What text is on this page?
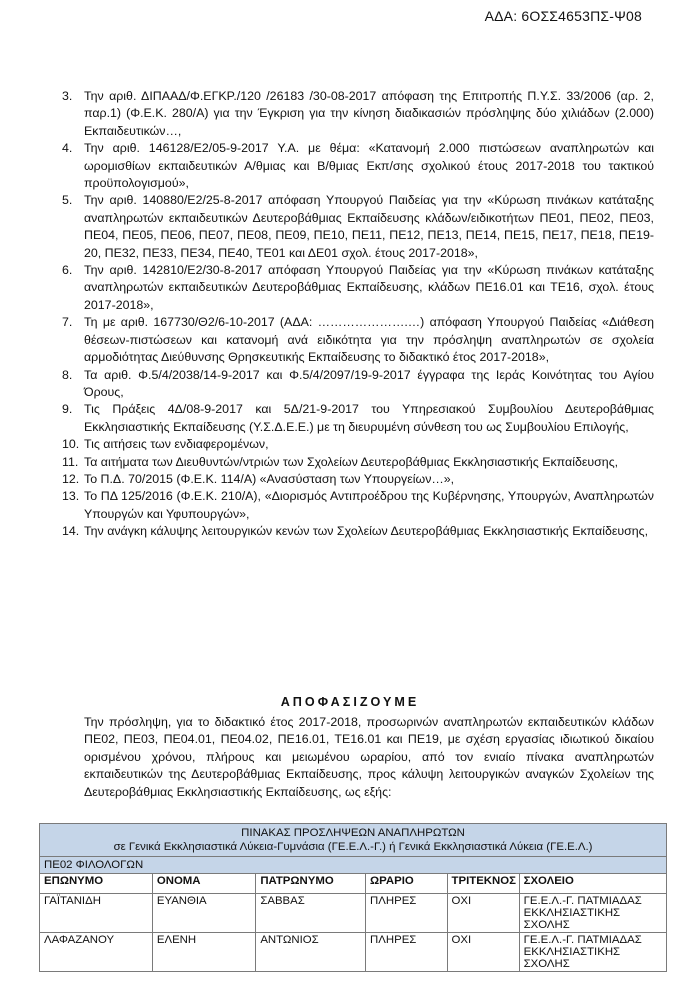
ΑΔΑ: 6ΟΣΣ4653ΠΣ-Ψ08
3. Την αριθ. ΔΙΠΑΑΔ/Φ.ΕΓΚΡ./120 /26183 /30-08-2017 απόφαση της Επιτροπής Π.Υ.Σ. 33/2006 (αρ. 2, παρ.1) (Φ.Ε.Κ. 280/Α) για την Έγκριση για την κίνηση διαδικασιών πρόσληψης δύο χιλιάδων (2.000) Εκπαιδευτικών…,
4. Την αριθ. 146128/Ε2/05-9-2017 Υ.Α. με θέμα: «Κατανομή 2.000 πιστώσεων αναπληρωτών και ωρομισθίων εκπαιδευτικών Α/θμιας και Β/θμιας Εκπ/σης σχολικού έτους 2017-2018 του τακτικού προϋπολογισμού»,
5. Την αριθ. 140880/Ε2/25-8-2017 απόφαση Υπουργού Παιδείας για την «Κύρωση πινάκων κατάταξης αναπληρωτών εκπαιδευτικών Δευτεροβάθμιας Εκπαίδευσης κλάδων/ειδικοτήτων ΠΕ01, ΠΕ02, ΠΕ03, ΠΕ04, ΠΕ05, ΠΕ06, ΠΕ07, ΠΕ08, ΠΕ09, ΠΕ10, ΠΕ11, ΠΕ12, ΠΕ13, ΠΕ14, ΠΕ15, ΠΕ17, ΠΕ18, ΠΕ19-20, ΠΕ32, ΠΕ33, ΠΕ34, ΠΕ40, ΤΕ01 και ΔΕ01 σχολ. έτους 2017-2018»,
6. Την αριθ. 142810/Ε2/30-8-2017 απόφαση Υπουργού Παιδείας για την «Κύρωση πινάκων κατάταξης αναπληρωτών εκπαιδευτικών Δευτεροβάθμιας Εκπαίδευσης, κλάδων ΠΕ16.01 και ΤΕ16, σχολ. έτους 2017-2018»,
7. Τη με αριθ. 167730/Θ2/6-10-2017 (ΑΔΑ: ………………….…) απόφαση Υπουργού Παιδείας «Διάθεση θέσεων-πιστώσεων και κατανομή ανά ειδικότητα για την πρόσληψη αναπληρωτών σε σχολεία αρμοδιότητας Διεύθυνσης Θρησκευτικής Εκπαίδευσης το διδακτικό έτος 2017-2018»,
8. Τα αριθ. Φ.5/4/2038/14-9-2017 και Φ.5/4/2097/19-9-2017 έγγραφα της Ιεράς Κοινότητας του Αγίου Όρους,
9. Τις Πράξεις 4Δ/08-9-2017 και 5Δ/21-9-2017 του Υπηρεσιακού Συμβουλίου Δευτεροβάθμιας Εκκλησιαστικής Εκπαίδευσης (Υ.Σ.Δ.Ε.Ε.) με τη διευρυμένη σύνθεση του ως Συμβουλίου Επιλογής,
10. Τις αιτήσεις των ενδιαφερομένων,
11. Τα αιτήματα των Διευθυντών/ντριών των Σχολείων Δευτεροβάθμιας Εκκλησιαστικής Εκπαίδευσης,
12. Το Π.Δ. 70/2015 (Φ.Ε.Κ. 114/Α) «Ανασύσταση των Υπουργείων…»,
13. Το ΠΔ 125/2016 (Φ.Ε.Κ. 210/Α), «Διορισμός Αντιπροέδρου της Κυβέρνησης, Υπουργών, Αναπληρωτών Υπουργών και Υφυπουργών»,
14. Την ανάγκη κάλυψης λειτουργικών κενών των Σχολείων Δευτεροβάθμιας Εκκλησιαστικής Εκπαίδευσης,
ΑΠΟΦΑΣΙΖΟΥΜΕ
Την πρόσληψη, για το διδακτικό έτος 2017-2018, προσωρινών αναπληρωτών εκπαιδευτικών κλάδων ΠΕ02, ΠΕ03, ΠΕ04.01, ΠΕ04.02, ΠΕ16.01, ΤΕ16.01 και ΠΕ19, με σχέση εργασίας ιδιωτικού δικαίου ορισμένου χρόνου, πλήρους και μειωμένου ωραρίου, από τον ενιαίο πίνακα αναπληρωτών εκπαιδευτικών της Δευτεροβάθμιας Εκπαίδευσης, προς κάλυψη λειτουργικών αναγκών Σχολείων της Δευτεροβάθμιας Εκκλησιαστικής Εκπαίδευσης, ως εξής:
ΠΙΝΑΚΑΣ ΠΡΟΣΛΗΨΕΩΝ ΑΝΑΠΛΗΡΩΤΩΝ
σε Γενικά Εκκλησιαστικά Λύκεια-Γυμνάσια (ΓΕ.Ε.Λ.-Γ.) ή Γενικά Εκκλησιαστικά Λύκεια (ΓΕ.Ε.Λ.)					

ΠΕ02 ΦΙΛΟΛΟΓΩΝ					
ΕΠΩΝΥΜΟ	ΟΝΟΜΑ	ΠΑΤΡΩΝΥΜΟ	ΩΡΑΡΙΟ	ΤΡΙΤΕΚΝΟΣ	ΣΧΟΛΕΙΟ
ΓΑΪΤΑΝΙΔΗ	ΕΥΑΝΘΙΑ	ΣΑΒΒΑΣ	ΠΛΗΡΕΣ	ΟΧΙ	ΓΕ.Ε.Λ.-Γ. ΠΑΤΜΙΑΔΑΣ ΕΚΚΛΗΣΙΑΣΤΙΚΗΣ ΣΧΟΛΗΣ
ΛΑΦΑΖΑΝΟΥ	ΕΛΕΝΗ	ΑΝΤΩΝΙΟΣ	ΠΛΗΡΕΣ	ΟΧΙ	ΓΕ.Ε.Λ.-Γ. ΠΑΤΜΙΑΔΑΣ ΕΚΚΛΗΣΙΑΣΤΙΚΗΣ ΣΧΟΛΗΣ
